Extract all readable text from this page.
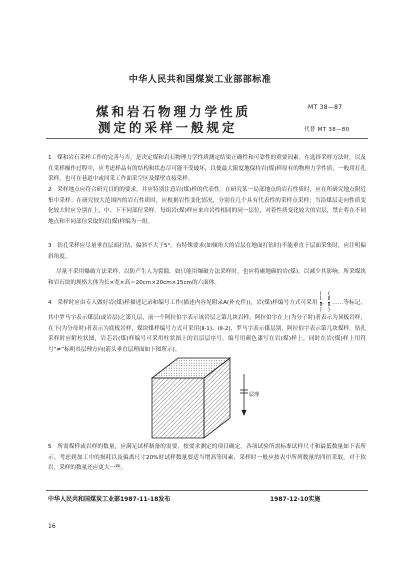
中华人民共和国煤炭工业部部标准
煤和岩石物理力学性质
测定的采样一般规定
MT 38—87
代替 MT 38—80

1　煤和岩石采样工作的完善与否，是决定煤和岩石物理力学性质测定结果正确性和可靠性的重要因素。在选择采样方法时，以及在采样操作过程中，应考虑样品有的结构和状态尽可能不受破坏，以便最大限度地保持岩(煤)样原有的物理力学性质，一般用打孔采样，也可在巷道中或回采工作面采空区及煤壁直接采样。

2　采样地点应符合研究目的的要求，并应特别注意岩(煤)样的代表性。在研究某一局部地点的岩石性质时，应在所研究地点附近集中采样；在研究较大范围内的岩石性质时，应根据岩性变化情况，分别在几个具有代表性的采样点采样；当沿煤层走向性质变化较大时应分别在上、中、下不同部位采样。每组岩(煤)样应来自岩性相同的同一层位，对着性质变化较大的岩层，禁止将在不同地点和不同部位采取的岩(煤)样编为一组。

3　钻孔采样应尽量垂直层面打钻，偏斜不大于5°。有特殊要求(如倾角大的岩层在地面打钻时)不能垂直于层面采集时，应注明偏斜角度。

尽量不采用爆破方法采样，以防产生人为裂隙。如只能用爆破方法采样时，也应将砸地碳的岩(煤)，以减少其影响。所采煤块和岩石块的规格大体为长×宽×高＝20cm×20cm×15cm的六面体。

4　采样时应由专人做好岩(煤)样描述记录和编号工作(描述内容见附录A(补充件))，岩(煤)样编号方式可采用 (
Ⅰ
Ⅱ
)、(
Ⅱ
Ⅱ
) ……等标记，其中罗马字表示煤层(或岩层)之第几层，前一个阿拉伯字表示该岩层之第几块岩样，阿拉伯字在上(为分子时)者表示为顶板岩样，在下(为分母时)者表示为底板岩样，煤块煤样编号方式可采用(Ⅱ-1)、(Ⅱ-2)，罗马字表示煤层别，阿拉伯字表示第几块煤样。钻孔采样时应附柱状图，岩芯岩(煤)样编号可采用柱状图上的岩层层序号。编号用颜色漆写在岩(煤)样上，同时在岩(煤)样上用符号“≠”标明其层理方向(箭头垂直层理面如下图所示)。

层理

5　所需煤样或岩样的数量，应满足试样制备的需要，按要求测定的项目确定。各项试验所需标准试样尺寸和最低数量如下表所示。考虑到加工中的损耗以及偏离尺寸20%时试样数量要适当增高等因素，采样时一般应按表中所列数量的四倍采取，对于软岩，采样的数量还应更大一些。

中华人民共和国煤炭工业部1987-11-18发布	1987-12-10实施
16
